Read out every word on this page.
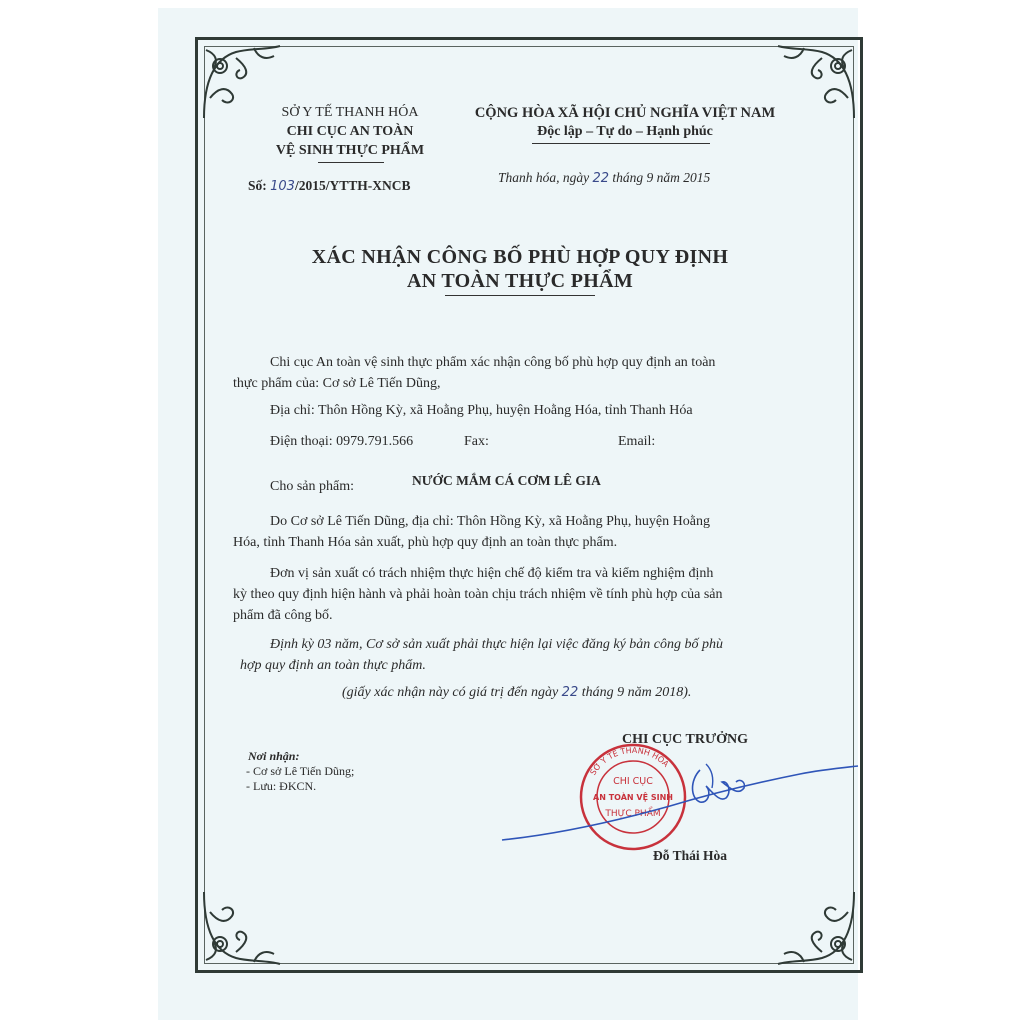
SỞ Y TẾ THANH HÓA
CHI CỤC AN TOÀN
VỆ SINH THỰC PHẨM
Số: 103/2015/YTTH-XNCB
CỘNG HÒA XÃ HỘI CHỦ NGHĨA VIỆT NAM
Độc lập – Tự do – Hạnh phúc
Thanh hóa, ngày 22 tháng 9 năm 2015
XÁC NHẬN CÔNG BỐ PHÙ HỢP QUY ĐỊNH
AN TOÀN THỰC PHẨM
Chi cục An toàn vệ sinh thực phẩm xác nhận công bố phù hợp quy định an toàn
thực phẩm của: Cơ sở Lê Tiến Dũng,
Địa chỉ: Thôn Hồng Kỳ, xã Hoằng Phụ, huyện Hoằng Hóa, tỉnh Thanh Hóa
Điện thoại: 0979.791.566	Fax:	Email:
Cho sản phẩm:	NƯỚC MẮM CÁ CƠM LÊ GIA
Do Cơ sở Lê Tiến Dũng, địa chỉ: Thôn Hồng Kỳ, xã Hoằng Phụ, huyện Hoằng
Hóa, tỉnh Thanh Hóa sản xuất, phù hợp quy định an toàn thực phẩm.
Đơn vị sản xuất có trách nhiệm thực hiện chế độ kiểm tra và kiểm nghiệm định
kỳ theo quy định hiện hành và phải hoàn toàn chịu trách nhiệm về tính phù hợp của sản
phẩm đã công bố.
Định kỳ 03 năm, Cơ sở sản xuất phải thực hiện lại việc đăng ký bản công bố phù
hợp quy định an toàn thực phẩm.
(giấy xác nhận này có giá trị đến ngày 22 tháng 9 năm 2018).
Nơi nhận:
- Cơ sở Lê Tiến Dũng;
- Lưu: ĐKCN.
CHI CỤC TRƯỞNG
SỞ Y TẾ THANH HÓA
CHI CỤC
AN TOÀN VỆ SINH
THỰC PHẨM
Đỗ Thái Hòa
